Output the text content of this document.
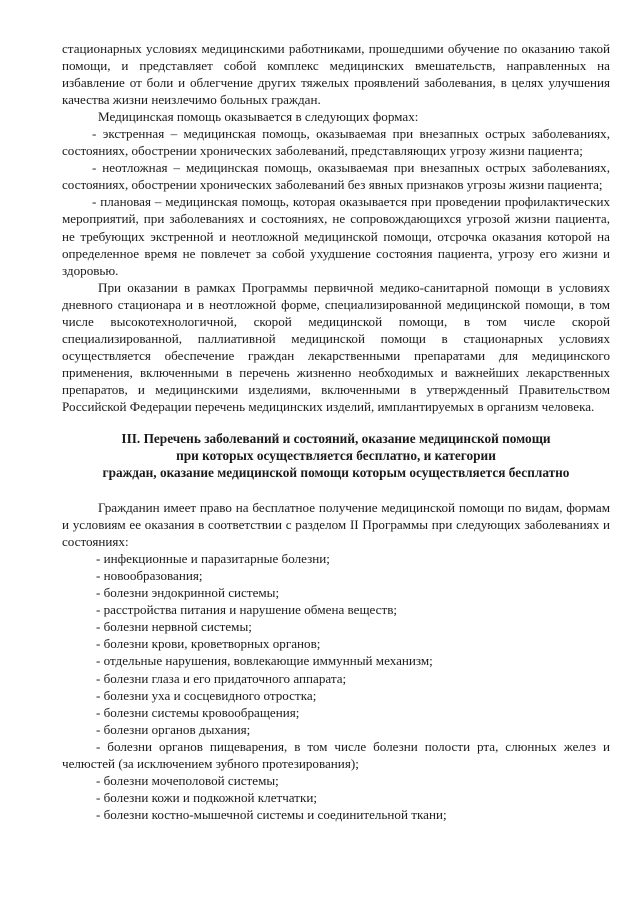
стационарных условиях медицинскими работниками, прошедшими обучение по оказанию такой помощи, и представляет собой комплекс медицинских вмешательств, направленных на избавление от боли и облегчение других тяжелых проявлений заболевания, в целях улучшения качества жизни неизлечимо больных граждан.

Медицинская помощь оказывается в следующих формах:

- экстренная – медицинская помощь, оказываемая при внезапных острых заболеваниях, состояниях, обострении хронических заболеваний, представляющих угрозу жизни пациента;

- неотложная – медицинская помощь, оказываемая при внезапных острых заболеваниях, состояниях, обострении хронических заболеваний без явных признаков угрозы жизни пациента;

- плановая – медицинская помощь, которая оказывается при проведении профилактических мероприятий, при заболеваниях и состояниях, не сопровождающихся угрозой жизни пациента, не требующих экстренной и неотложной медицинской помощи, отсрочка оказания которой на определенное время не повлечет за собой ухудшение состояния пациента, угрозу его жизни и здоровью.

При оказании в рамках Программы первичной медико-санитарной помощи в условиях дневного стационара и в неотложной форме, специализированной медицинской помощи, в том числе высокотехнологичной, скорой медицинской помощи, в том числе скорой специализированной, паллиативной медицинской помощи в стационарных условиях осуществляется обеспечение граждан лекарственными препаратами для медицинского применения, включенными в перечень жизненно необходимых и важнейших лекарственных препаратов, и медицинскими изделиями, включенными в утвержденный Правительством Российской Федерации перечень медицинских изделий, имплантируемых в организм человека.

III. Перечень заболеваний и состояний, оказание медицинской помощи
при которых осуществляется бесплатно, и категории
граждан, оказание медицинской помощи которым осуществляется бесплатно

Гражданин имеет право на бесплатное получение медицинской помощи по видам, формам и условиям ее оказания в соответствии с разделом II Программы при следующих заболеваниях и состояниях:

- инфекционные и паразитарные болезни;

- новообразования;

- болезни эндокринной системы;

- расстройства питания и нарушение обмена веществ;

- болезни нервной системы;

- болезни крови, кроветворных органов;

- отдельные нарушения, вовлекающие иммунный механизм;

- болезни глаза и его придаточного аппарата;

- болезни уха и сосцевидного отростка;

- болезни системы кровообращения;

- болезни органов дыхания;

- болезни органов пищеварения, в том числе болезни полости рта, слюнных желез и челюстей (за исключением зубного протезирования);

- болезни мочеполовой системы;

- болезни кожи и подкожной клетчатки;

- болезни костно-мышечной системы и соединительной ткани;
